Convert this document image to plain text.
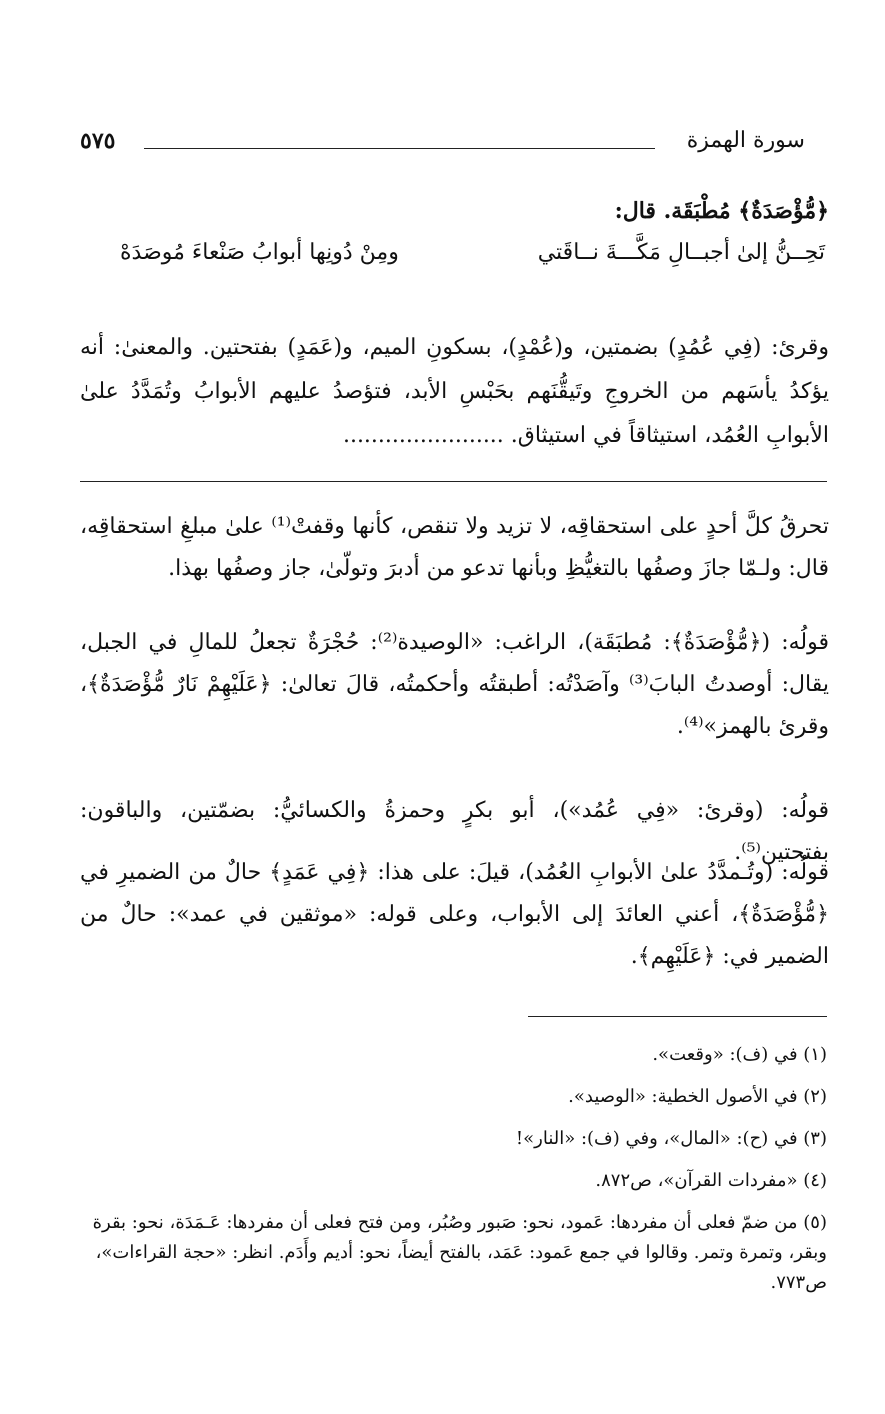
سورة الهمزة
٥٧٥
﴿مُّؤْصَدَةٌ﴾ مُطْبَقَة. قال:
تَحِــنُّ إلىٰ أجبــالِ مَكَّـــةَ نــاقَتي
ومِنْ دُونِها أبوابُ صَنْعاءَ مُوصَدَهْ
وقرئ: (فِي عُمُدٍ) بضمتين، و(عُمْدٍ)، بسكونِ الميم، و(عَمَدٍ) بفتحتين. والمعنىٰ: أنه يؤكدُ يأسَهم من الخروجِ وتَيقُّنَهم بحَبْسِ الأبد، فتؤصدُ عليهم الأبوابُ وتُمَدَّدُ علىٰ الأبوابِ العُمُد، استيثاقاً في استيثاق. .......................
تحرقُ كلَّ أحدٍ على استحقاقِه، لا تزيد ولا تنقص، كأنها وقفتْ⁽¹⁾ علىٰ مبلغِ استحقاقِه، قال: ولـمّا جازَ وصفُها بالتغيُّظِ وبأنها تدعو من أدبرَ وتولّىٰ، جاز وصفُها بهذا.
قولُه: (﴿مُّؤْصَدَةٌ﴾: مُطبَقَة)، الراغب: «الوصيدة⁽²⁾: حُجْرَةٌ تجعلُ للمالِ في الجبل، يقال: أوصدتُ البابَ⁽³⁾ وآصَدْتُه: أطبقتُه وأحكمتُه، قالَ تعالىٰ: ﴿عَلَيْهِمْ نَارٌ مُّؤْصَدَةٌ﴾، وقرئ بالهمز»⁽⁴⁾.
قولُه: (وقرئ: «فِي عُمُد»)، أبو بكرٍ وحمزةُ والكسائيُّ: بضمّتين، والباقون: بفتحتين⁽⁵⁾.
قولُه: (وتُـمدَّدُ علىٰ الأبوابِ العُمُد)، قيلَ: على هذا: ﴿فِي عَمَدٍ﴾ حالٌ من الضميرِ في ﴿مُّؤْصَدَةٌ﴾، أعني العائدَ إلى الأبواب، وعلى قوله: «موثقين في عمد»: حالٌ من الضمير في: ﴿عَلَيْهِم﴾.
(١) في (ف): «وقعت».
(٢) في الأصول الخطية: «الوصيد».
(٣) في (ح): «المال»، وفي (ف): «النار»!
(٤) «مفردات القرآن»، ص٨٧٢.
(٥) من ضمّ فعلى أن مفردها: عَمود، نحو: صَبور وصُبُر، ومن فتح فعلى أن مفردها: عَـمَدَة، نحو: بقرة وبقر، وتمرة وتمر. وقالوا في جمع عَمود: عَمَد، بالفتح أيضاً، نحو: أديم وأَدَم. انظر: «حجة القراءات»، ص٧٧٣.
